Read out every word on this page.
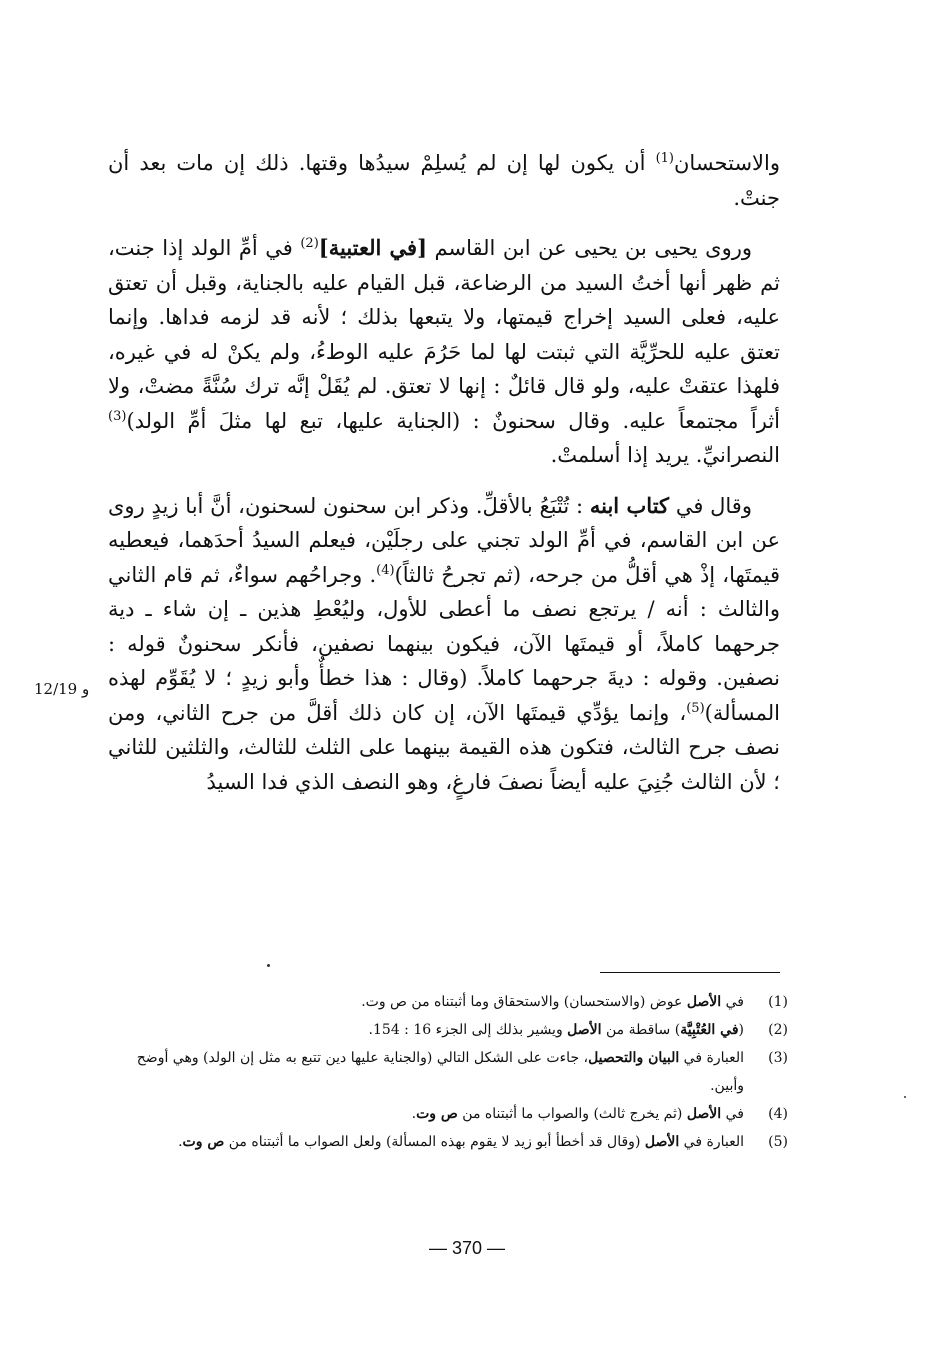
والاستحسان$^{(1)}$ أن يكون لها إن لم يُسلِمْ سيدُها وقتها. ذلك إن مات بعد أن جنتْ.

وروى يحيى بن يحيى عن ابن القاسم [في العتبية]$^{(2)}$ في أمِّ الولد إذا جنت، ثم ظهر أنها أختُ السيد من الرضاعة، قبل القيام عليه بالجناية، وقبل أن تعتق عليه، فعلى السيد إخراج قيمتها، ولا يتبعها بذلك ؛ لأنه قد لزمه فداها. وإنما تعتق عليه للحرِّيَّة التي ثبتت لها لما حَرُمَ عليه الوطءُ، ولم يكنْ له في غيره، فلهذا عتقتْ عليه، ولو قال قائلٌ : إنها لا تعتق. لم يُقَلْ إنَّه ترك سُنَّةً مضتْ، ولا أثراً مجتمعاً عليه. وقال سحنونٌ : (الجناية عليها، تبع لها مثلَ أمِّ الولد)$^{(3)}$ النصرانيِّ. يريد إذا أسلمتْ.

وقال في كتاب ابنه : تُتْبَعُ بالأقلِّ. وذكر ابن سحنون لسحنون، أنَّ أبا زيدٍ روى عن ابن القاسم، في أمِّ الولد تجني على رجلَيْن، فيعلم السيدُ أحدَهما، فيعطيه قيمتَها، إذْ هي أقلُّ من جرحه، (ثم تجرحُ ثالثاً)$^{(4)}$. وجراحُهم سواءٌ، ثم قام الثاني والثالث : أنه / يرتجع نصف ما أعطى للأول، وليُعْطِ هذين ـ إن شاء ـ دية جرحهما كاملاً، أو قيمتَها الآن، فيكون بينهما نصفين، فأنكر سحنونٌ قوله : نصفين. وقوله : ديةَ جرحهما كاملاً. (وقال : هذا خطأٌ وأبو زيدٍ ؛ لا يُقَوِّم لهذه المسألة)$^{(5)}$، وإنما يؤدِّي قيمتَها الآن، إن كان ذلك أقلَّ من جرح الثاني، ومن نصف جرح الثالث، فتكون هذه القيمة بينهما على الثلث للثالث، والثلثين للثاني ؛ لأن الثالث جُنِيَ عليه أيضاً نصفَ فارغٍ، وهو النصف الذي فدا السيدُ

12/19 و
(1)
في الأصل عوض (والاستحسان) والاستحقاق وما أثبتناه من ص وت.
(2)
(في العُتْبِيَّة) ساقطة من الأصل ويشير بذلك إلى الجزء 16 : 154.
(3)
العبارة في البيان والتحصيل، جاءت على الشكل التالي (والجناية عليها دين تتبع به مثل إن الولد) وهي أوضح وأبين.
(4)
في الأصل (ثم يخرج ثالث) والصواب ما أثبتناه من ص وت.
(5)
العبارة في الأصل (وقال قد أخطأ أبو زيد لا يقوم بهذه المسألة) ولعل الصواب ما أثبتناه من ص وت.
— 370 —
